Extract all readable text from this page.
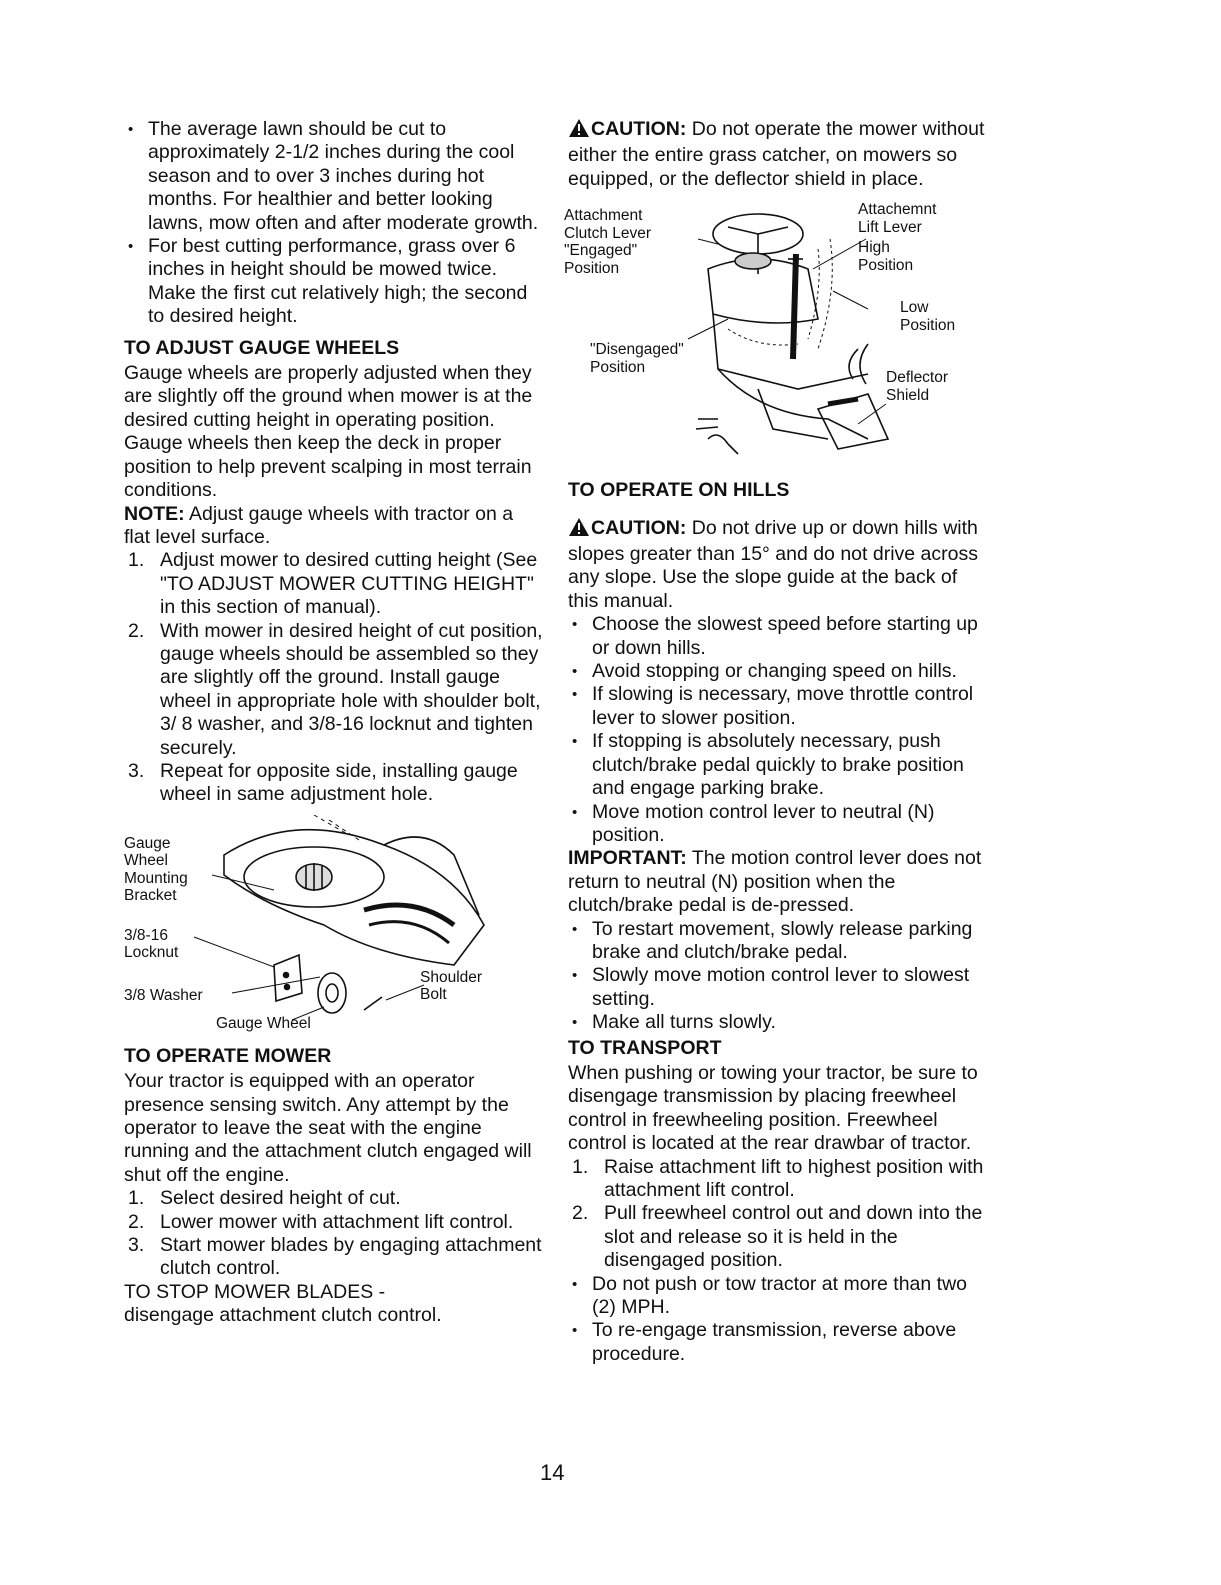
• The average lawn should be cut to approximately 2-1/2 inches during the cool season and to over 3 inches during hot months. For healthier and better looking lawns, mow often and after moderate growth.
• For best cutting performance, grass over 6 inches in height should be mowed twice. Make the first cut relatively high; the second to desired height.
TO ADJUST GAUGE WHEELS

Gauge wheels are properly adjusted when they are slightly off the ground when mower is at the desired cutting height in operating position. Gauge wheels then keep the deck in proper position to help prevent scalping in most terrain conditions.

NOTE: Adjust gauge wheels with tractor on a flat level surface.

1. Adjust mower to desired cutting height (See "TO ADJUST MOWER CUTTING HEIGHT" in this section of manual).
2. With mower in desired height of cut position, gauge wheels should be assembled so they are slightly off the ground. Install gauge wheel in appropriate hole with shoulder bolt, 3/ 8 washer, and 3/8-16 locknut and tighten securely.
3. Repeat for opposite side, installing gauge wheel in same adjustment hole.
Gauge
Wheel
Mounting
Bracket
3/8-16
Locknut
3/8 Washer
Shoulder
Bolt
Gauge Wheel
TO OPERATE MOWER

Your tractor is equipped with an operator presence sensing switch. Any attempt by the operator to leave the seat with the engine running and the attachment clutch engaged will shut off the engine.

1. Select desired height of cut.
2. Lower mower with attachment lift control.
3. Start mower blades by engaging attachment clutch control.

TO STOP MOWER BLADES -

disengage attachment clutch control.

CAUTION: Do not operate the mower without either the entire grass catcher, on mowers so equipped, or the deflector shield in place.

Attachment
Clutch Lever
"Engaged"
Position
Attachemnt
Lift Lever
High
Position
Low
Position
"Disengaged"
Position
Deflector
Shield
TO OPERATE ON HILLS

CAUTION: Do not drive up or down hills with slopes greater than 15° and do not drive across any slope. Use the slope guide at the back of this manual.

• Choose the slowest speed before starting up or down hills.
• Avoid stopping or changing speed on hills.
• If slowing is necessary, move throttle control lever to slower position.
• If stopping is absolutely necessary, push clutch/brake pedal quickly to brake position and engage parking brake.
• Move motion control lever to neutral (N) position.

IMPORTANT: The motion control lever does not return to neutral (N) position when the clutch/brake pedal is de-pressed.

• To restart movement, slowly release parking brake and clutch/brake pedal.
• Slowly move motion control lever to slowest setting.
• Make all turns slowly.
TO TRANSPORT

When pushing or towing your tractor, be sure to disengage transmission by placing freewheel control in freewheeling position. Freewheel control is located at the rear drawbar of tractor.

1. Raise attachment lift to highest position with attachment lift control.
2. Pull freewheel control out and down into the slot and release so it is held in the disengaged position.
• Do not push or tow tractor at more than two (2) MPH.
• To re-engage transmission, reverse above procedure.
14
